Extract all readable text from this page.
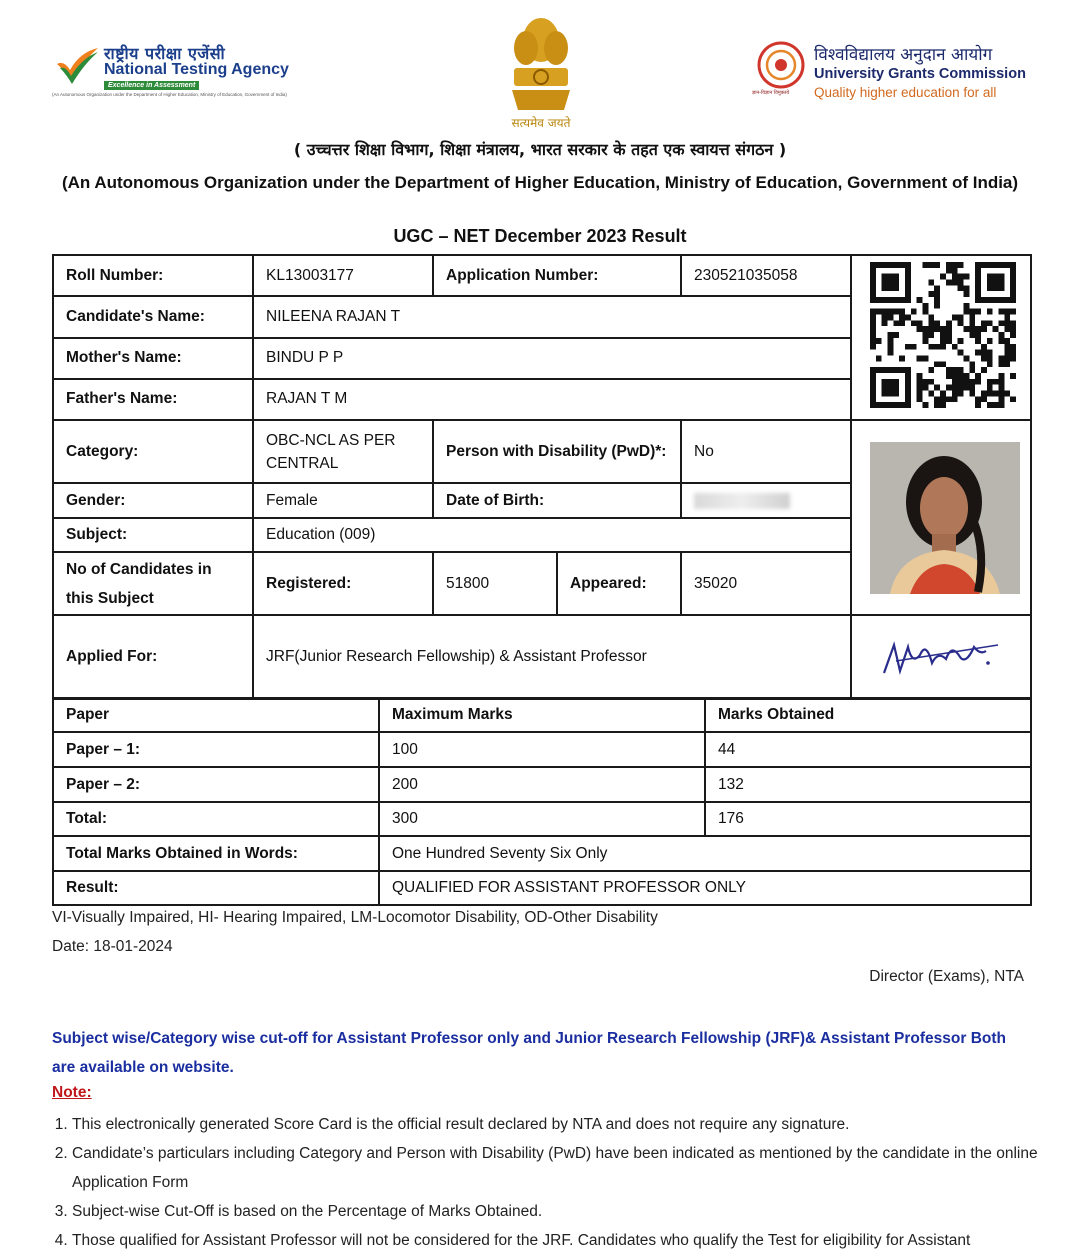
राष्ट्रीय परीक्षा एजेंसी
National Testing Agency
Excellence in Assessment
(An Autonomous Organization under the Department of Higher Education, Ministry of Education, Government of India)
सत्यमेव जयते
विश्वविद्यालय अनुदान आयोग
University Grants Commission
Quality higher education for all
ज्ञान-विज्ञान विमुक्तये
( उच्चत्तर शिक्षा विभाग, शिक्षा मंत्रालय, भारत सरकार के तहत एक स्वायत्त संगठन )
(An Autonomous Organization under the Department of Higher Education, Ministry of Education, Government of India)
UGC – NET December 2023 Result
Roll Number:	KL13003177	Application Number:		230521035058	
Candidate's Name:	NILEENA RAJAN T				
Mother's Name:	BINDU P P				
Father's Name:	RAJAN T M				
Category:	OBC-NCL AS PER CENTRAL	Person with Disability (PwD)*:		No	

Gender:	Female	Date of Birth:			

Subject:	Education (009)				
No of Candidates in this Subject	Registered:	51800	Appeared:	35020	
Applied For:	JRF(Junior Research Fellowship) & Assistant Professor	
Paper	Maximum Marks	Marks Obtained
Paper – 1:	100	44
Paper – 2:	200	132
Total:	300	176
Total Marks Obtained in Words:	One Hundred Seventy Six Only	
Result:	QUALIFIED FOR ASSISTANT PROFESSOR ONLY	
VI-Visually Impaired, HI- Hearing Impaired, LM-Locomotor Disability, OD-Other Disability
Date: 18-01-2024
Director (Exams), NTA
Subject wise/Category wise cut-off for Assistant Professor only and Junior Research Fellowship (JRF)& Assistant Professor Both are available on website.
Note:
1. This electronically generated Score Card is the official result declared by NTA and does not require any signature.
2. Candidate’s particulars including Category and Person with Disability (PwD) have been indicated as mentioned by the candidate in the online Application Form
3. Subject-wise Cut-Off is based on the Percentage of Marks Obtained.
4. Those qualified for Assistant Professor will not be considered for the JRF. Candidates who qualify the Test for eligibility for Assistant
